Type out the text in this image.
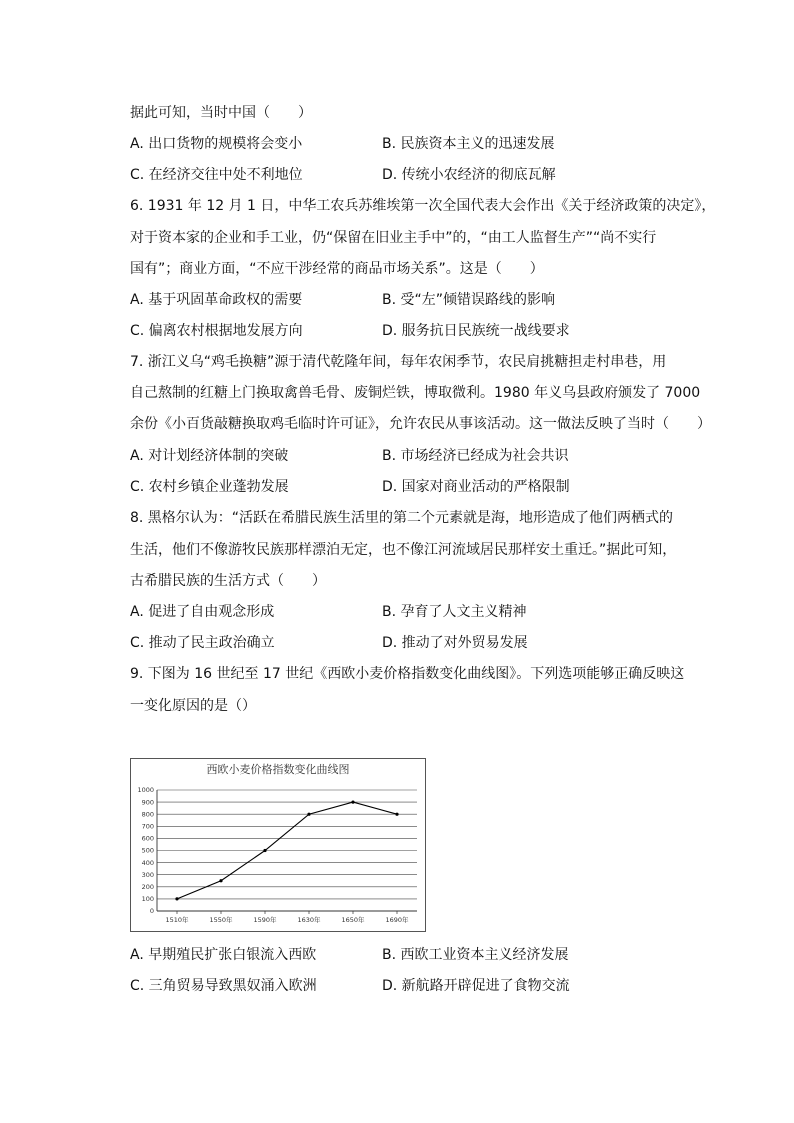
据此可知，当时中国（　　）
A. 出口货物的规模将会变小	B. 民族资本主义的迅速发展
C. 在经济交往中处不利地位	D. 传统小农经济的彻底瓦解
6. 1931 年 12 月 1 日，中华工农兵苏维埃第一次全国代表大会作出《关于经济政策的决定》，
对于资本家的企业和手工业，仍“保留在旧业主手中”的，“由工人监督生产”“尚不实行
国有”；商业方面，“不应干涉经常的商品市场关系”。这是（　　）
A. 基于巩固革命政权的需要	B. 受“左”倾错误路线的影响
C. 偏离农村根据地发展方向	D. 服务抗日民族统一战线要求
7. 浙江义乌“鸡毛换糖”源于清代乾隆年间，每年农闲季节，农民肩挑糖担走村串巷，用
自己熬制的红糖上门换取禽兽毛骨、废铜烂铁，博取微利。1980 年义乌县政府颁发了 7000
余份《小百货敲糖换取鸡毛临时许可证》，允许农民从事该活动。这一做法反映了当时（　　）
A. 对计划经济体制的突破	B. 市场经济已经成为社会共识
C. 农村乡镇企业蓬勃发展	D. 国家对商业活动的严格限制
8. 黑格尔认为：“活跃在希腊民族生活里的第二个元素就是海，地形造成了他们两栖式的
生活，他们不像游牧民族那样漂泊无定，也不像江河流域居民那样安土重迁。”据此可知，
古希腊民族的生活方式（　　）
A. 促进了自由观念形成	B. 孕育了人文主义精神
C. 推动了民主政治确立	D. 推动了对外贸易发展
9. 下图为 16 世纪至 17 世纪《西欧小麦价格指数变化曲线图》。下列选项能够正确反映这
一变化原因的是（）
西欧小麦价格指数变化曲线图
0
100
200
300
400
500
600
700
800
900
1000
1510年	1550年	1590年	1630年	1650年	1690年
A. 早期殖民扩张白银流入西欧	B. 西欧工业资本主义经济发展
C. 三角贸易导致黑奴涌入欧洲	D. 新航路开辟促进了食物交流
